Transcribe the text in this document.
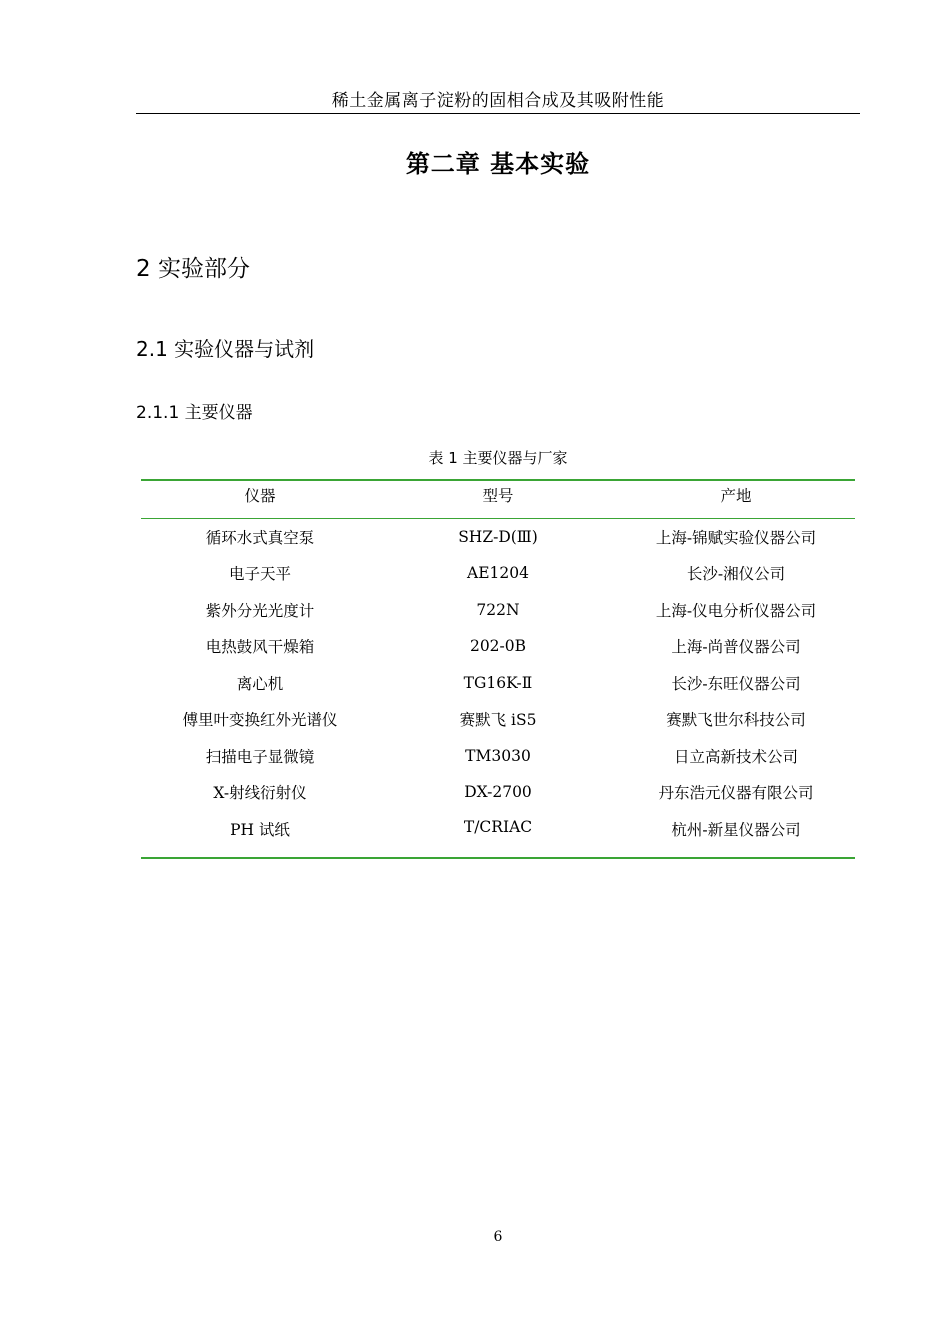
稀土金属离子淀粉的固相合成及其吸附性能
第二章 基本实验
2 实验部分
2.1 实验仪器与试剂
2.1.1 主要仪器
表 1 主要仪器与厂家
仪器	型号	产地
循环水式真空泵	SHZ-D(Ⅲ)	上海-锦赋实验仪器公司
电子天平	AE1204	长沙-湘仪公司
紫外分光光度计	722N	上海-仪电分析仪器公司
电热鼓风干燥箱	202-0B	上海-尚普仪器公司
离心机	TG16K-Ⅱ	长沙-东旺仪器公司
傅里叶变换红外光谱仪	赛默飞 iS5	赛默飞世尔科技公司
扫描电子显微镜	TM3030	日立高新技术公司
X-射线衍射仪	DX-2700	丹东浩元仪器有限公司
PH 试纸	T/CRIAC	杭州-新星仪器公司
6
